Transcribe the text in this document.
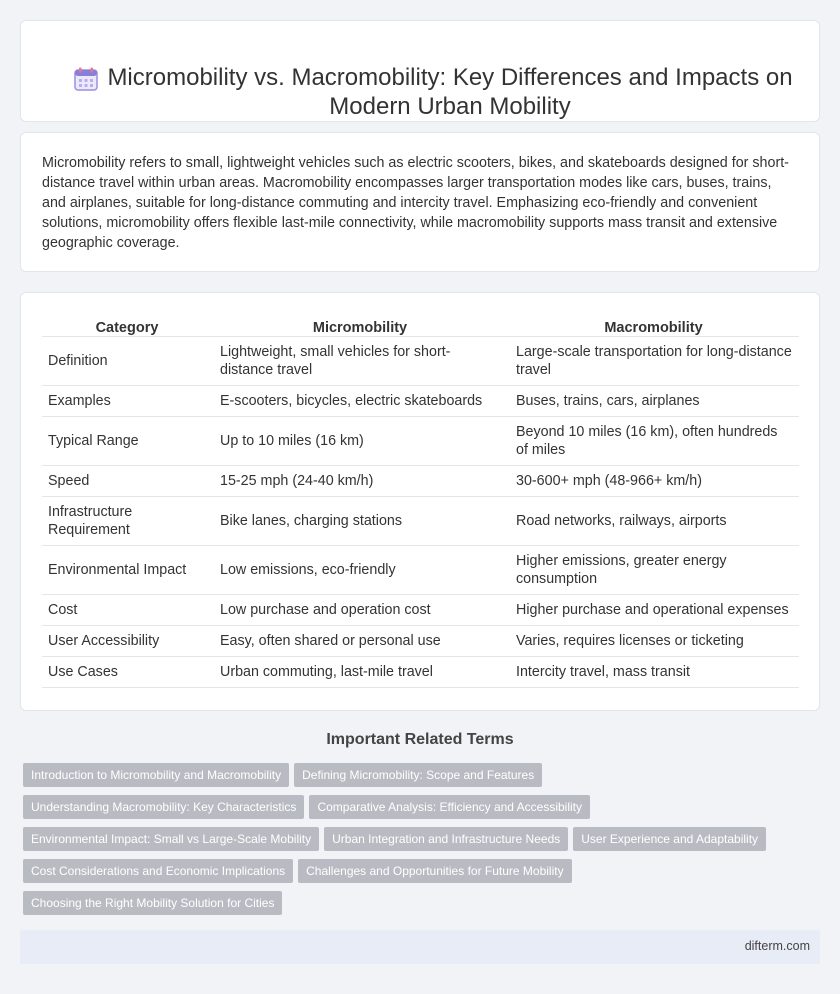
Micromobility vs. Macromobility: Key Differences and Impacts on Modern Urban Mobility

Micromobility refers to small, lightweight vehicles such as electric scooters, bikes, and skateboards designed for short-distance travel within urban areas. Macromobility encompasses larger transportation modes like cars, buses, trains, and airplanes, suitable for long-distance commuting and intercity travel. Emphasizing eco-friendly and convenient solutions, micromobility offers flexible last-mile connectivity, while macromobility supports mass transit and extensive geographic coverage.

Category	Micromobility	Macromobility
Definition	Lightweight, small vehicles for short-distance travel	Large-scale transportation for long-distance travel
Examples	E-scooters, bicycles, electric skateboards	Buses, trains, cars, airplanes
Typical Range	Up to 10 miles (16 km)	Beyond 10 miles (16 km), often hundreds of miles
Speed	15-25 mph (24-40 km/h)	30-600+ mph (48-966+ km/h)
Infrastructure Requirement	Bike lanes, charging stations	Road networks, railways, airports
Environmental Impact	Low emissions, eco-friendly	Higher emissions, greater energy consumption
Cost	Low purchase and operation cost	Higher purchase and operational expenses
User Accessibility	Easy, often shared or personal use	Varies, requires licenses or ticketing
Use Cases	Urban commuting, last-mile travel	Intercity travel, mass transit
Important Related Terms
Introduction to Micromobility and Macromobility Defining Micromobility: Scope and Features
Understanding Macromobility: Key Characteristics Comparative Analysis: Efficiency and Accessibility
Environmental Impact: Small vs Large-Scale Mobility Urban Integration and Infrastructure Needs User Experience and Adaptability
Cost Considerations and Economic Implications Challenges and Opportunities for Future Mobility
Choosing the Right Mobility Solution for Cities
difterm.com
